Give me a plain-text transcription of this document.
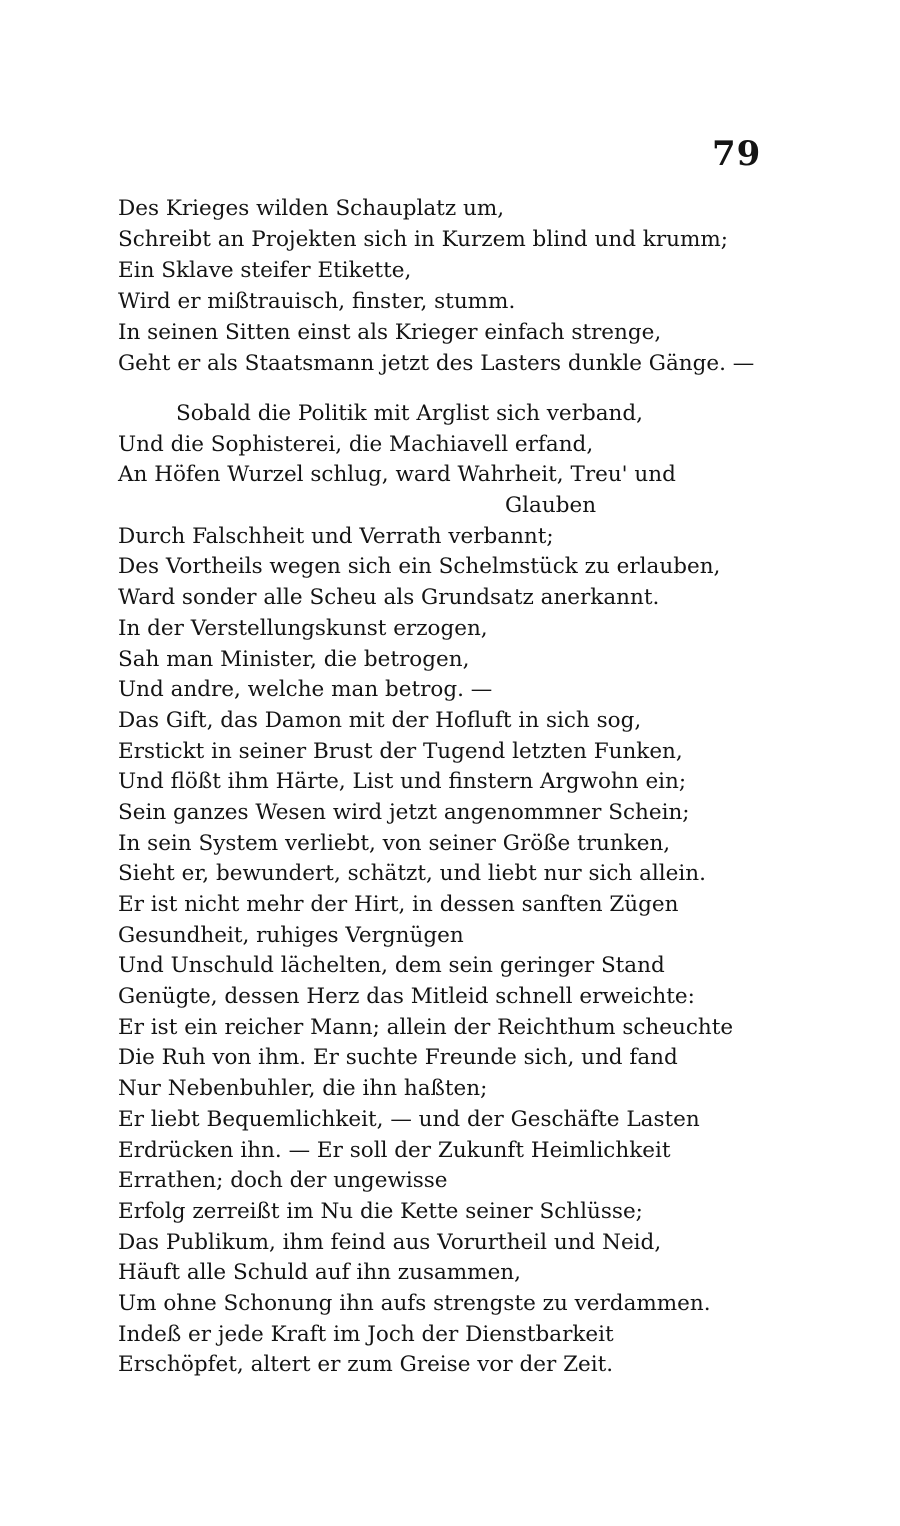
79
Des Krieges wilden Schauplatz um,
Schreibt an Projekten sich in Kurzem blind und krumm;
Ein Sklave steifer Etikette,
Wird er mißtrauisch, finster, stumm.
In seinen Sitten einst als Krieger einfach strenge,
Geht er als Staatsmann jetzt des Lasters dunkle Gänge. —
Sobald die Politik mit Arglist sich verband,
Und die Sophisterei, die Machiavell erfand,
An Höfen Wurzel schlug, ward Wahrheit, Treu' und
Glauben
Durch Falschheit und Verrath verbannt;
Des Vortheils wegen sich ein Schelmstück zu erlauben,
Ward sonder alle Scheu als Grundsatz anerkannt.
In der Verstellungskunst erzogen,
Sah man Minister, die betrogen,
Und andre, welche man betrog. —
Das Gift, das Damon mit der Hofluft in sich sog,
Erstickt in seiner Brust der Tugend letzten Funken,
Und flößt ihm Härte, List und finstern Argwohn ein;
Sein ganzes Wesen wird jetzt angenommner Schein;
In sein System verliebt, von seiner Größe trunken,
Sieht er, bewundert, schätzt, und liebt nur sich allein.
Er ist nicht mehr der Hirt, in dessen sanften Zügen
Gesundheit, ruhiges Vergnügen
Und Unschuld lächelten, dem sein geringer Stand
Genügte, dessen Herz das Mitleid schnell erweichte:
Er ist ein reicher Mann; allein der Reichthum scheuchte
Die Ruh von ihm. Er suchte Freunde sich, und fand
Nur Nebenbuhler, die ihn haßten;
Er liebt Bequemlichkeit, — und der Geschäfte Lasten
Erdrücken ihn. — Er soll der Zukunft Heimlichkeit
Errathen; doch der ungewisse
Erfolg zerreißt im Nu die Kette seiner Schlüsse;
Das Publikum, ihm feind aus Vorurtheil und Neid,
Häuft alle Schuld auf ihn zusammen,
Um ohne Schonung ihn aufs strengste zu verdammen.
Indeß er jede Kraft im Joch der Dienstbarkeit
Erschöpfet, altert er zum Greise vor der Zeit.
